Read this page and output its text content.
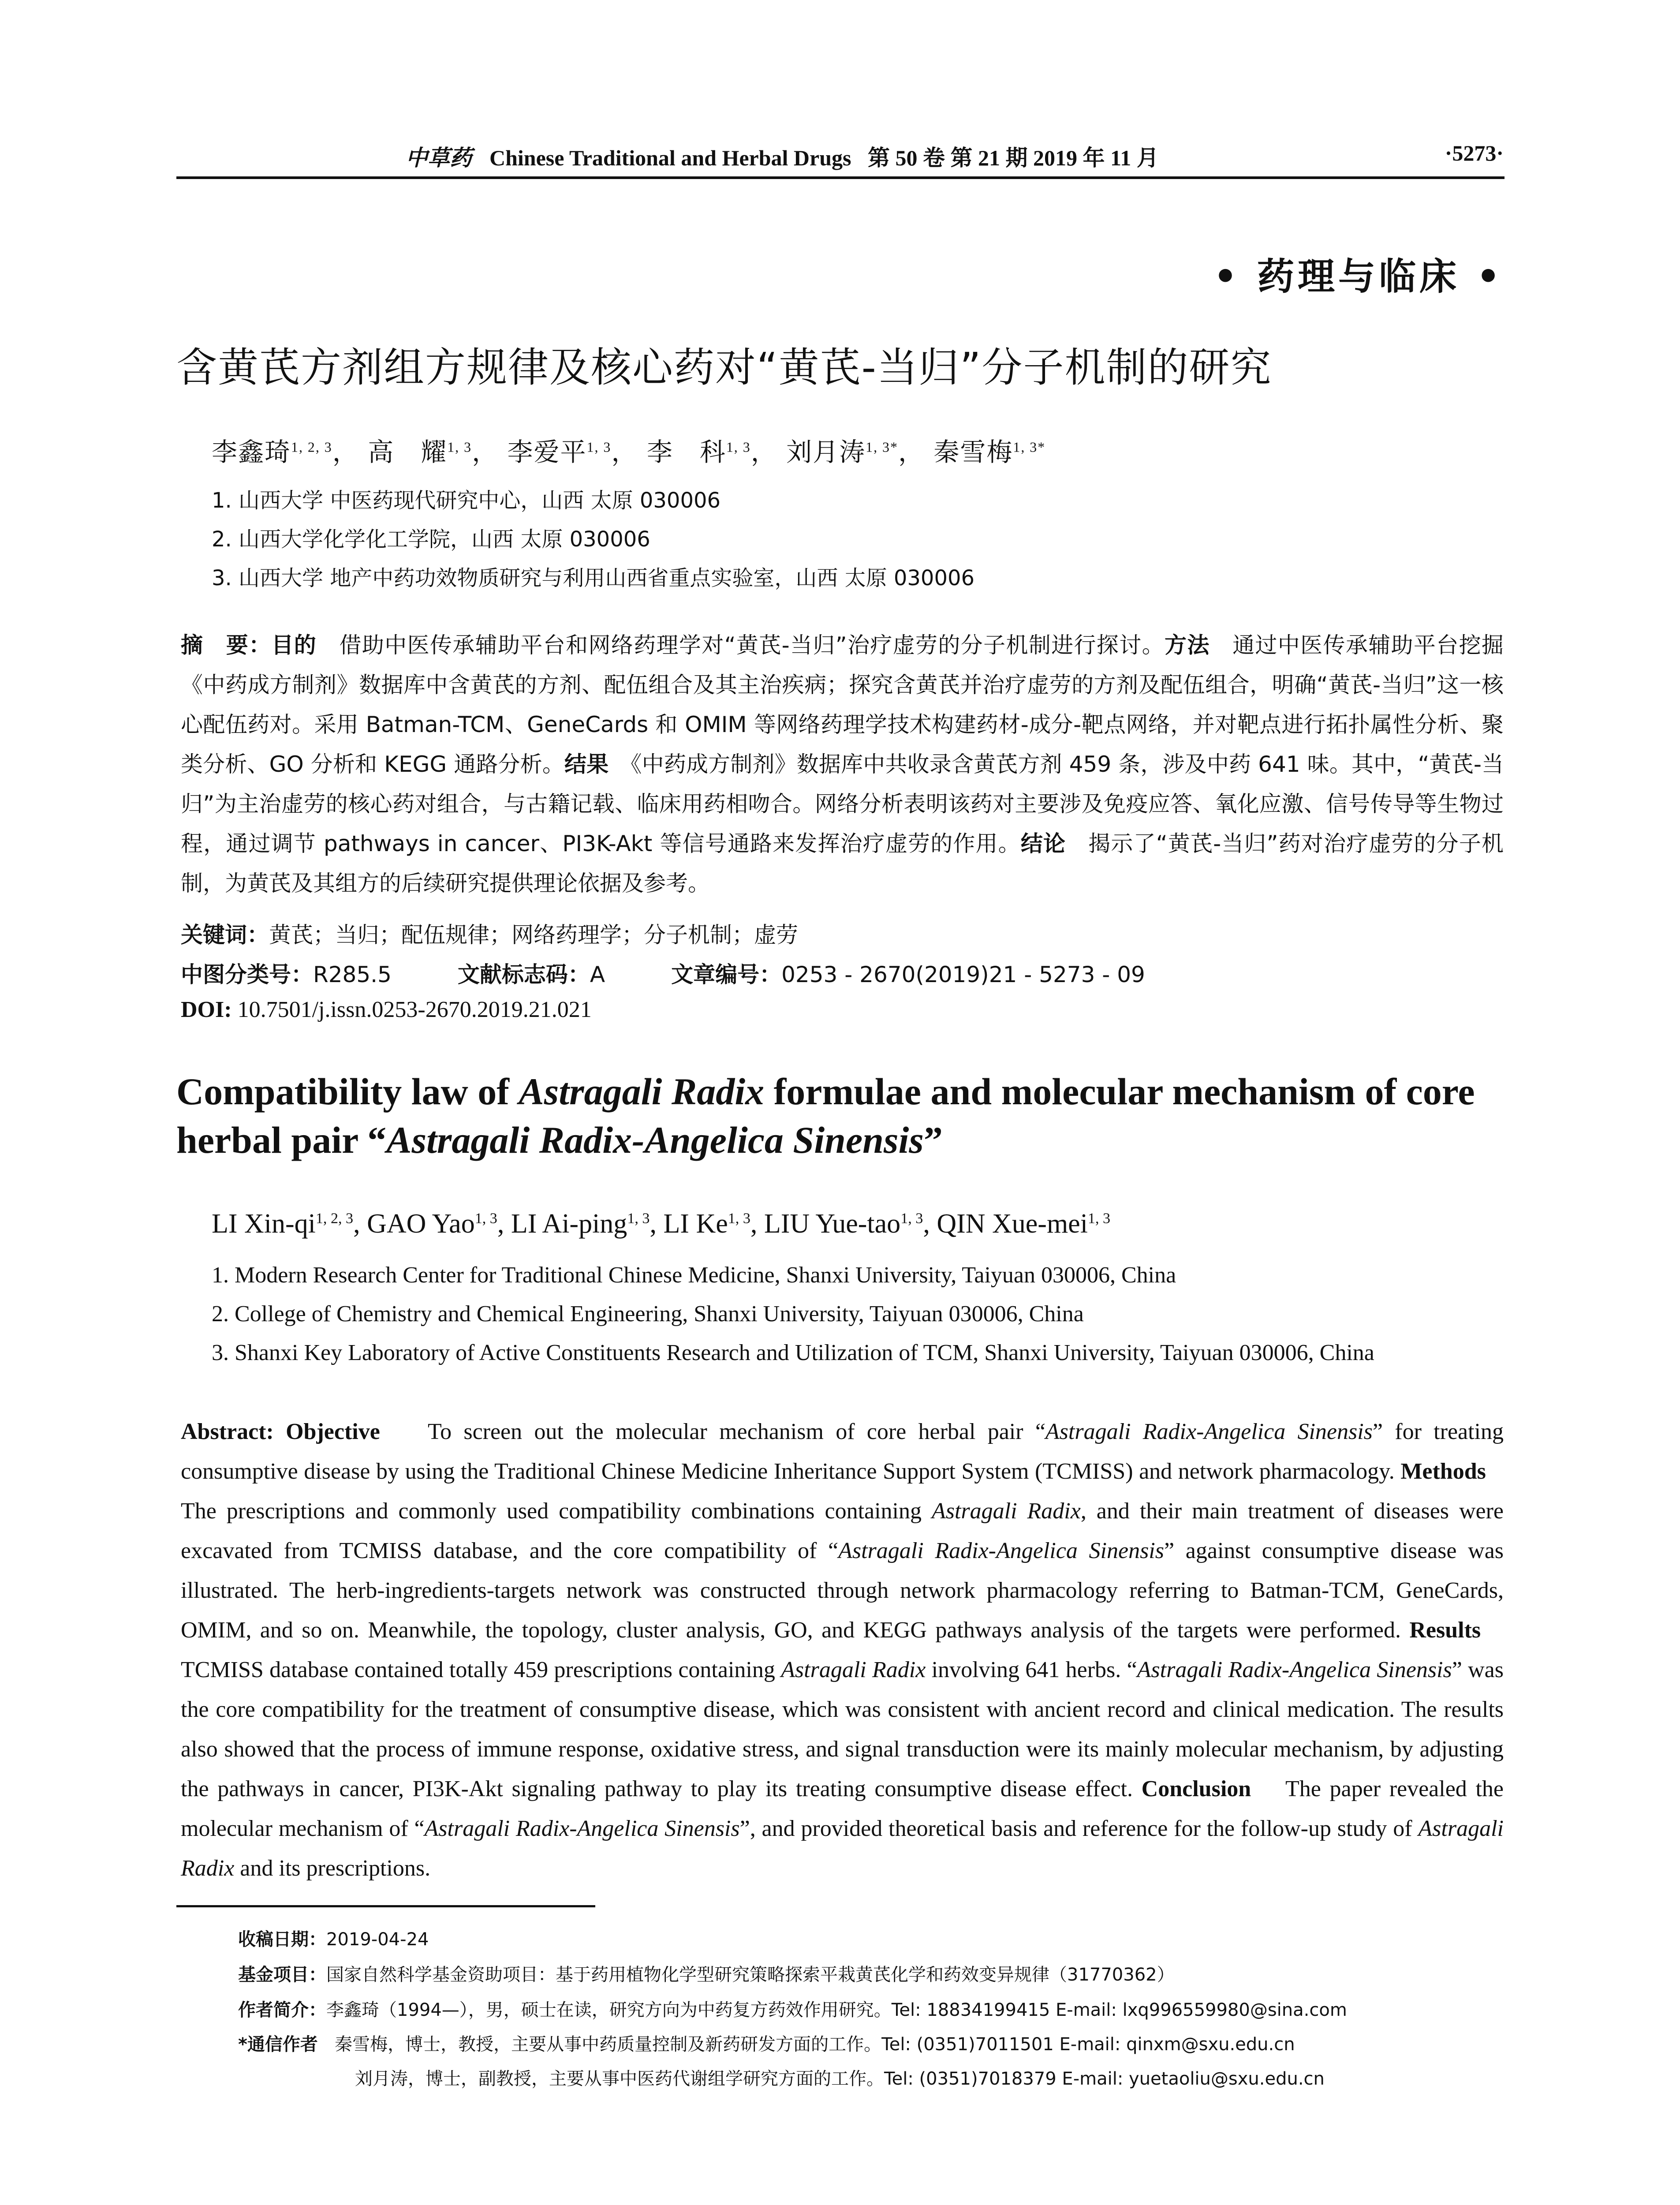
中草药 Chinese Traditional and Herbal Drugs 第 50 卷 第 21 期 2019 年 11 月	·5273·
• 药理与临床 •
含黄芪方剂组方规律及核心药对“黄芪-当归”分子机制的研究
李鑫琦$^{1, 2, 3}$， 高　耀$^{1, 3}$， 李爱平$^{1, 3}$， 李　科$^{1, 3}$， 刘月涛$^{1, 3*}$， 秦雪梅$^{1, 3*}$
1. 山西大学 中医药现代研究中心，山西 太原 030006
2. 山西大学化学化工学院，山西 太原 030006
3. 山西大学 地产中药功效物质研究与利用山西省重点实验室，山西 太原 030006
摘　要：目的　 借助中医传承辅助平台和网络药理学对“黄芪-当归”治疗虚劳的分子机制进行探讨。方法　 通过中医传承辅助平台挖掘《中药成方制剂》数据库中含黄芪的方剂、配伍组合及其主治疾病；探究含黄芪并治疗虚劳的方剂及配伍组合，明确“黄芪-当归”这一核心配伍药对。采用 Batman-TCM、GeneCards 和 OMIM 等网络药理学技术构建药材-成分-靶点网络，并对靶点进行拓扑属性分析、聚类分析、GO 分析和 KEGG 通路分析。结果　 《中药成方制剂》数据库中共收录含黄芪方剂 459 条，涉及中药 641 味。其中，“黄芪-当归”为主治虚劳的核心药对组合，与古籍记载、临床用药相吻合。网络分析表明该药对主要涉及免疫应答、氧化应激、信号传导等生物过程，通过调节 pathways in cancer、PI3K-Akt 等信号通路来发挥治疗虚劳的作用。结论　 揭示了“黄芪-当归”药对治疗虚劳的分子机制，为黄芪及其组方的后续研究提供理论依据及参考。
关键词：黄芪；当归；配伍规律；网络药理学；分子机制；虚劳
中图分类号：R285.5	文献标志码：A	文章编号：0253 - 2670(2019)21 - 5273 - 09
DOI: 10.7501/j.issn.0253-2670.2019.21.021
Compatibility law of Astragali Radix formulae and molecular mechanism of core herbal pair “Astragali Radix-Angelica Sinensis”
LI Xin-qi$^{1, 2, 3}$, GAO Yao$^{1, 3}$, LI Ai-ping$^{1, 3}$, LI Ke$^{1, 3}$, LIU Yue-tao$^{1, 3}$, QIN Xue-mei$^{1, 3}$
1. Modern Research Center for Traditional Chinese Medicine, Shanxi University, Taiyuan 030006, China
2. College of Chemistry and Chemical Engineering, Shanxi University, Taiyuan 030006, China
3. Shanxi Key Laboratory of Active Constituents Research and Utilization of TCM, Shanxi University, Taiyuan 030006, China
Abstract: Objective To screen out the molecular mechanism of core herbal pair “Astragali Radix-Angelica Sinensis” for treating consumptive disease by using the Traditional Chinese Medicine Inheritance Support System (TCMISS) and network pharmacology. Methods    The prescriptions and commonly used compatibility combinations containing Astragali Radix, and their main treatment of diseases were excavated from TCMISS database, and the core compatibility of “Astragali Radix-Angelica Sinensis” against consumptive disease was illustrated. The herb-ingredients-targets network was constructed through network pharmacology referring to Batman-TCM, GeneCards, OMIM, and so on. Meanwhile, the topology, cluster analysis, GO, and KEGG pathways analysis of the targets were performed. Results    TCMISS database contained totally 459 prescriptions containing Astragali Radix involving 641 herbs. “Astragali Radix-Angelica Sinensis” was the core compatibility for the treatment of consumptive disease, which was consistent with ancient record and clinical medication. The results also showed that the process of immune response, oxidative stress, and signal transduction were its mainly molecular mechanism, by adjusting the pathways in cancer, PI3K-Akt signaling pathway to play its treating consumptive disease effect. Conclusion The paper revealed the molecular mechanism of “Astragali Radix-Angelica Sinensis”, and provided theoretical basis and reference for the follow-up study of Astragali Radix and its prescriptions.
收稿日期：2019-04-24
基金项目：国家自然科学基金资助项目：基于药用植物化学型研究策略探索平栽黄芪化学和药效变异规律（31770362）
作者简介：李鑫琦（1994—），男，硕士在读，研究方向为中药复方药效作用研究。Tel: 18834199415 E-mail: lxq996559980@sina.com
*通信作者 秦雪梅，博士，教授，主要从事中药质量控制及新药研发方面的工作。Tel: (0351)7011501 E-mail: qinxm@sxu.edu.cn
刘月涛，博士，副教授，主要从事中医药代谢组学研究方面的工作。Tel: (0351)7018379 E-mail: yuetaoliu@sxu.edu.cn
